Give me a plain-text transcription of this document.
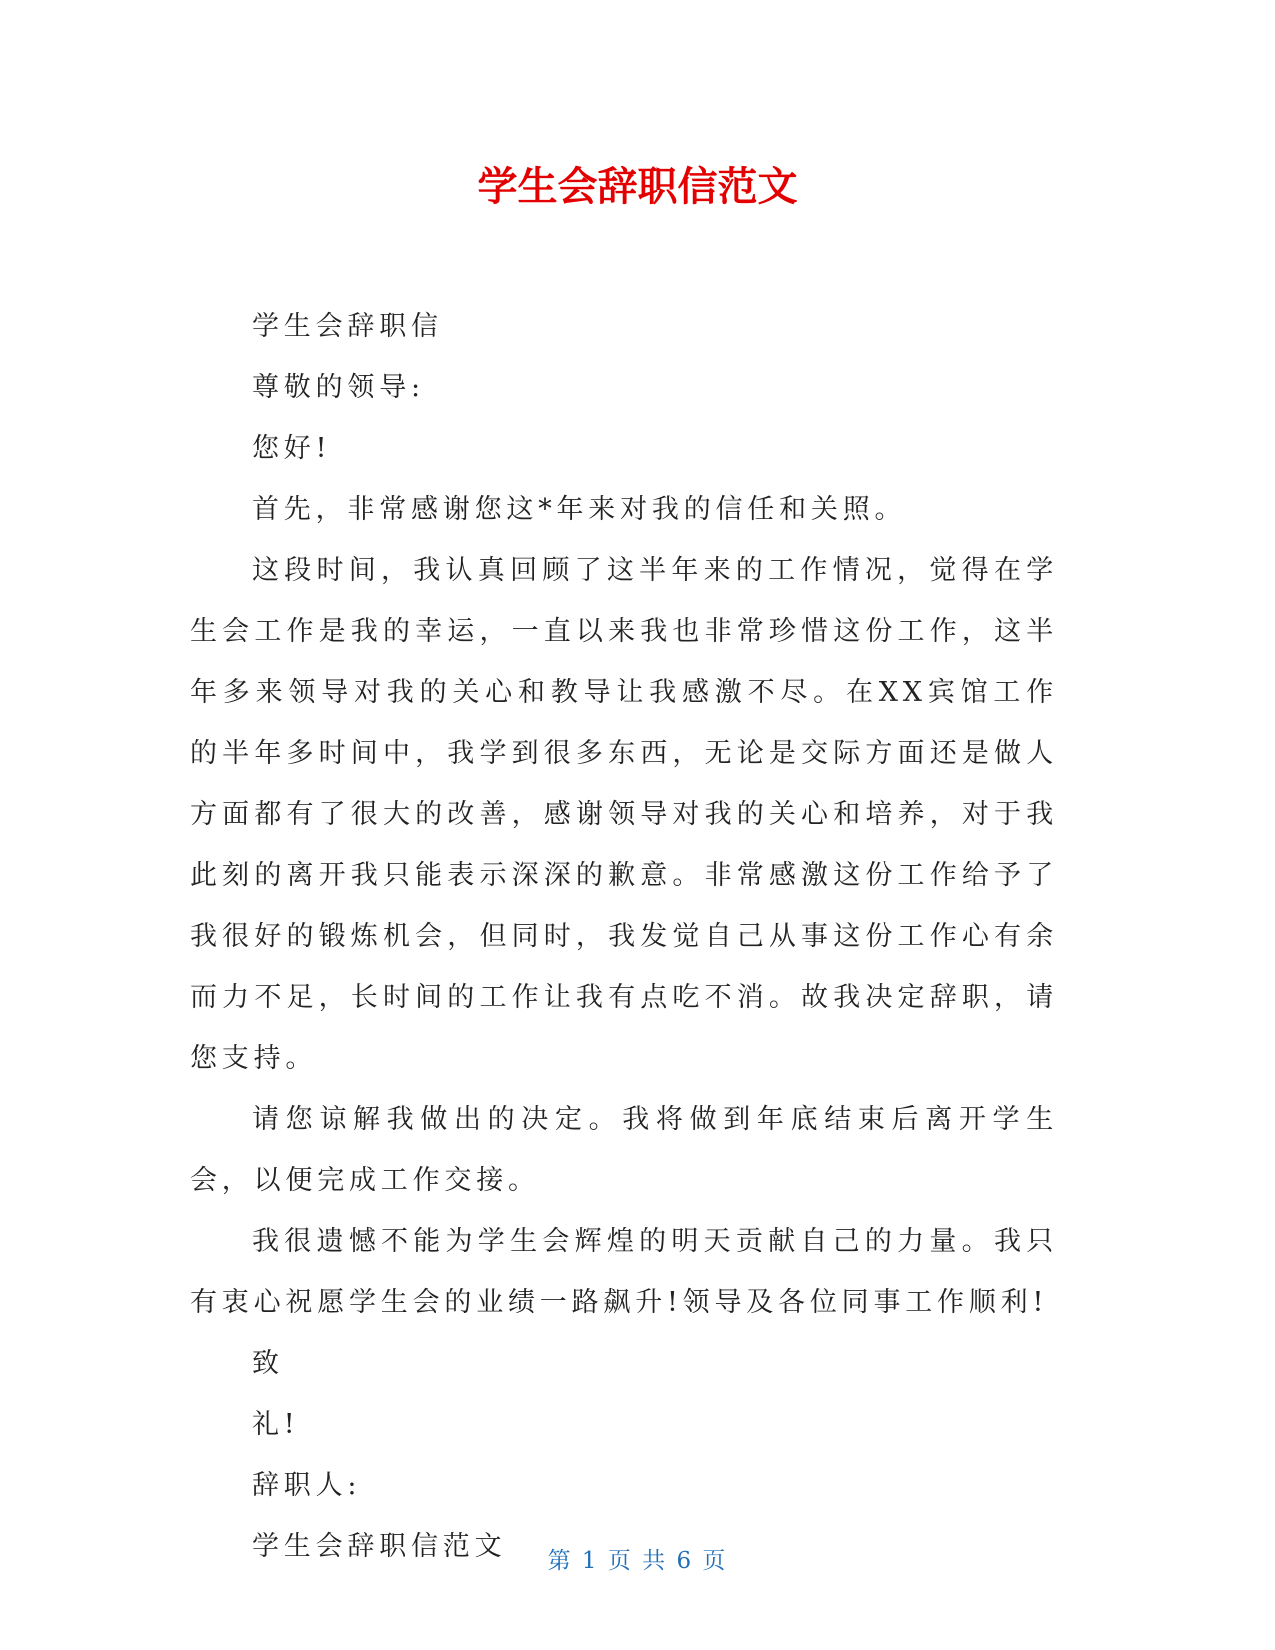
学生会辞职信范文

学生会辞职信

尊敬的领导:

您好!

首先，非常感谢您这*年来对我的信任和关照。

这段时间，我认真回顾了这半年来的工作情况，觉得在学生会工作是我的幸运，一直以来我也非常珍惜这份工作，这半年多来领导对我的关心和教导让我感激不尽。在XX宾馆工作的半年多时间中，我学到很多东西，无论是交际方面还是做人方面都有了很大的改善，感谢领导对我的关心和培养，对于我此刻的离开我只能表示深深的歉意。非常感激这份工作给予了我很好的锻炼机会，但同时，我发觉自己从事这份工作心有余而力不足，长时间的工作让我有点吃不消。故我决定辞职，请您支持。

请您谅解我做出的决定。我将做到年底结束后离开学生会，以便完成工作交接。

我很遗憾不能为学生会辉煌的明天贡献自己的力量。我只有衷心祝愿学生会的业绩一路飙升!领导及各位同事工作顺利!

致

礼!

辞职人:

学生会辞职信范文	第 1 页 共 6 页
